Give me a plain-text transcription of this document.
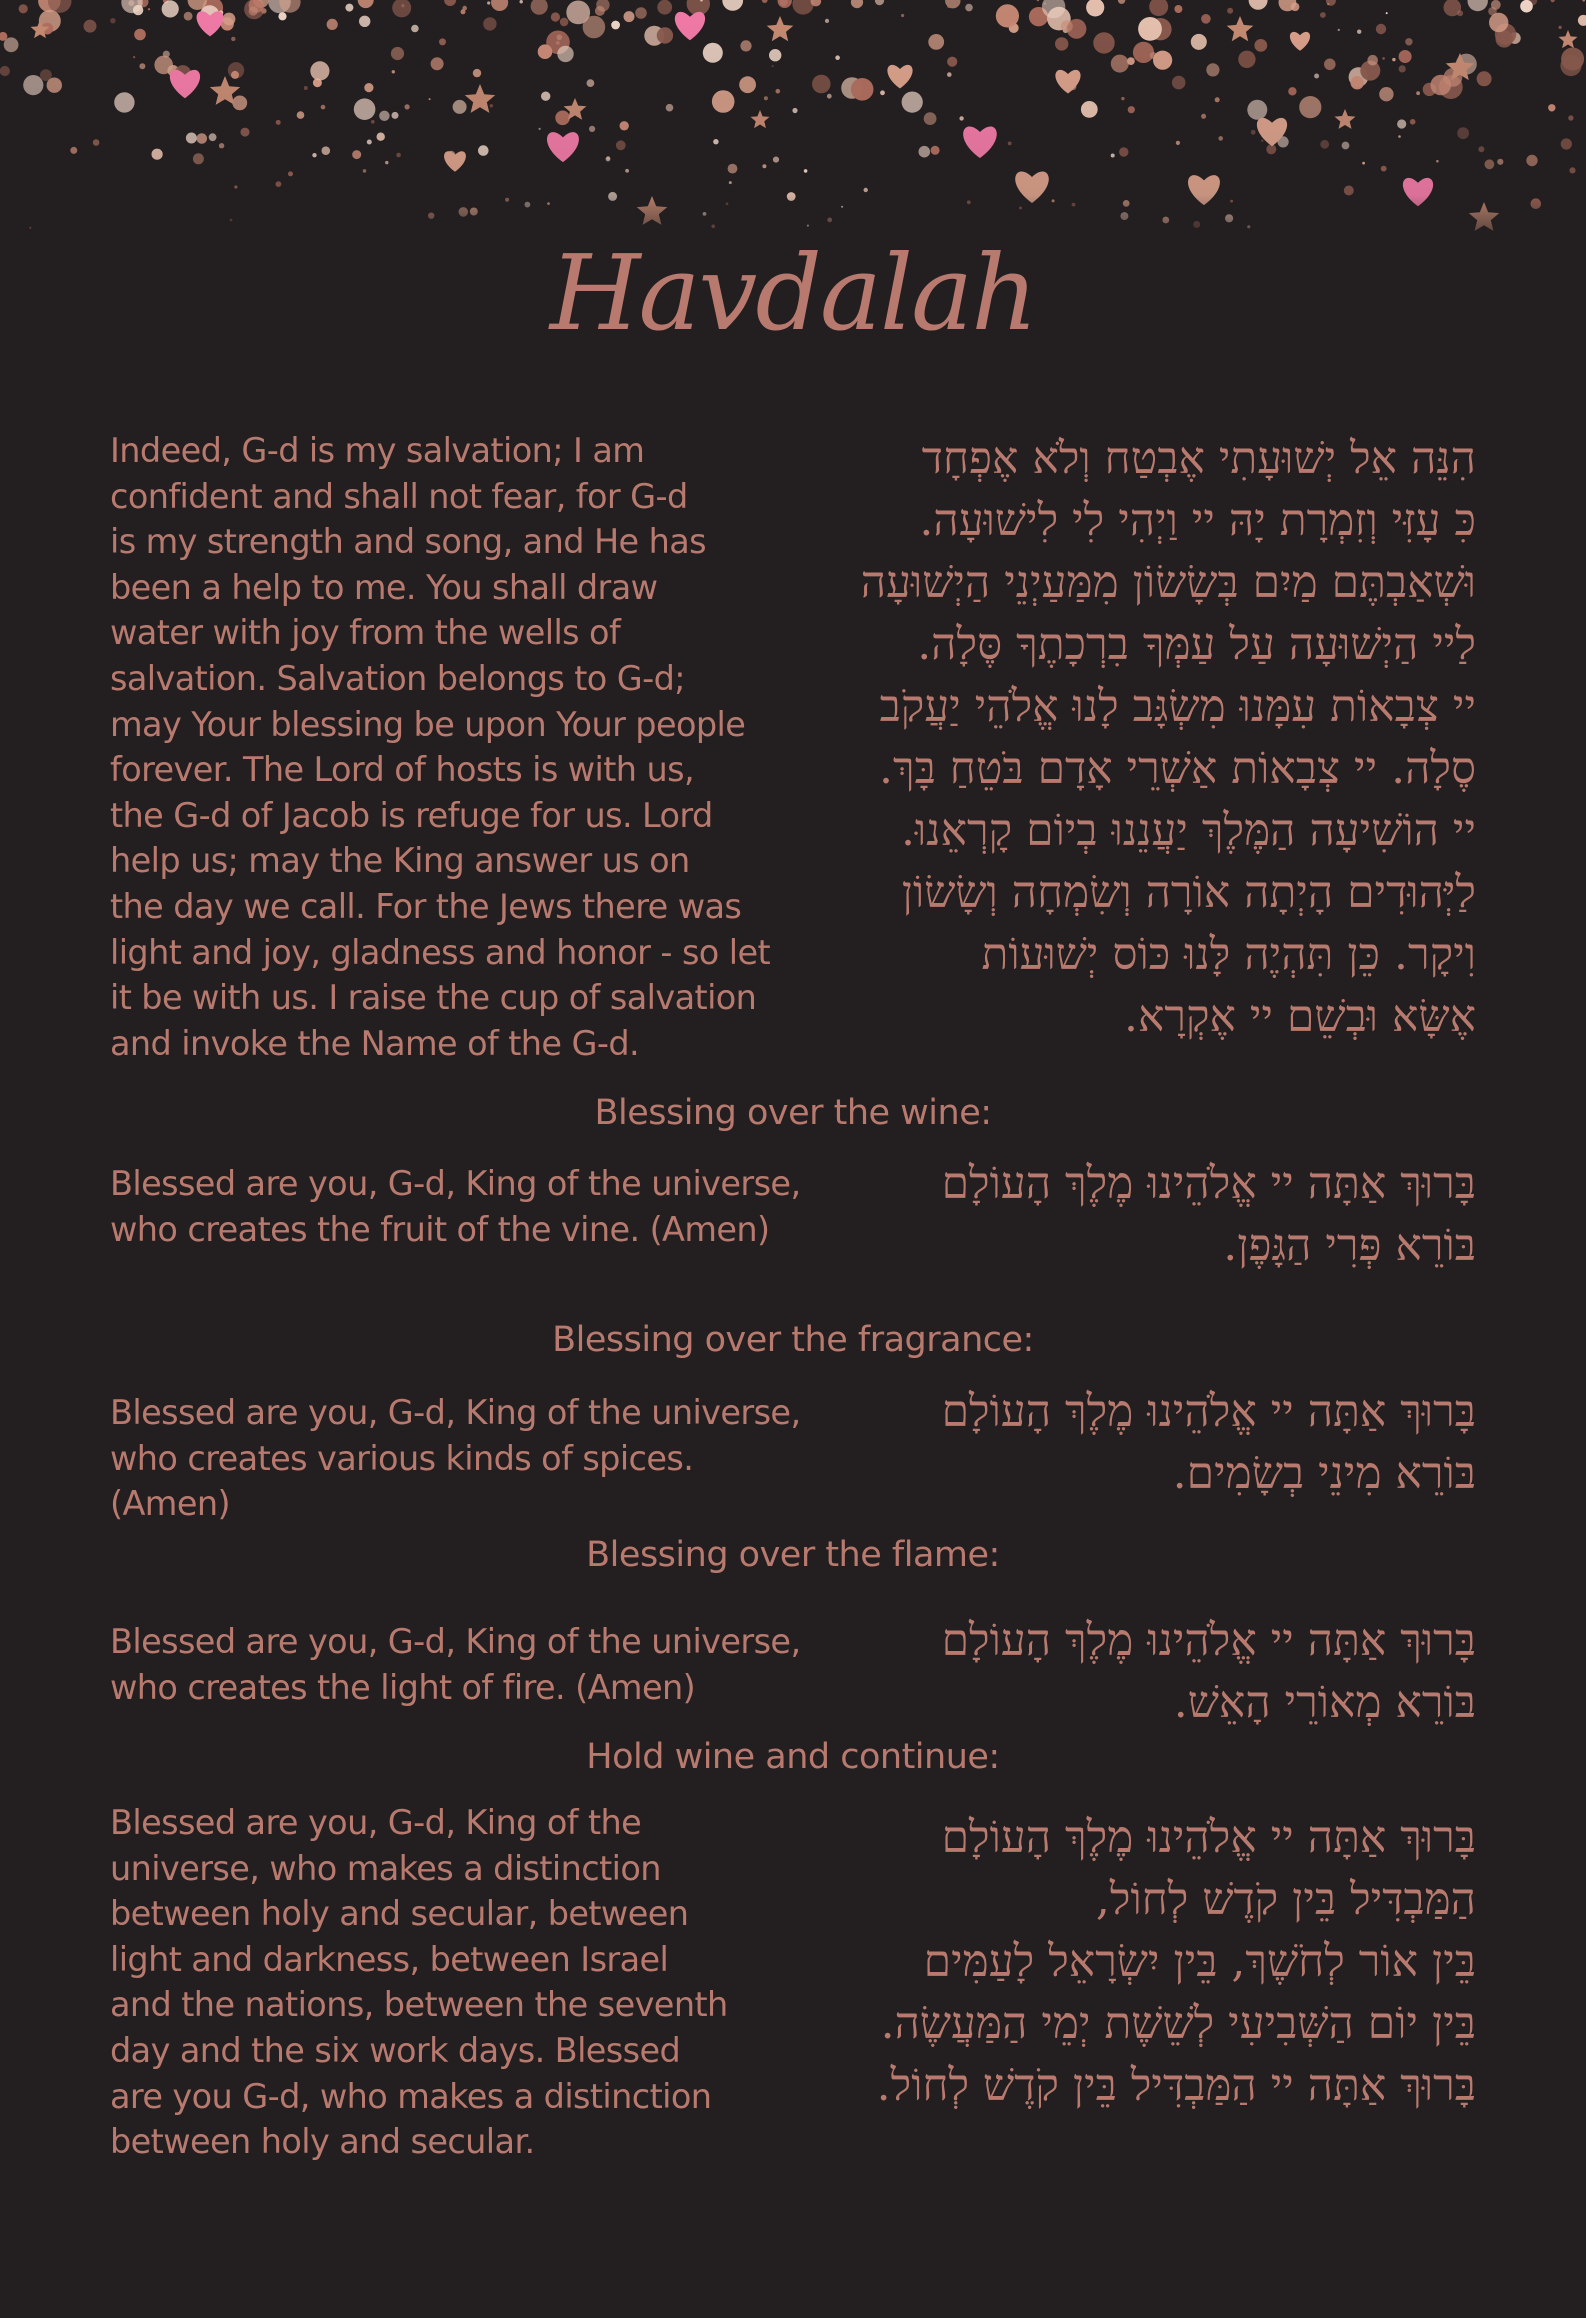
Havdalah
Indeed, G-d is my salvation; I am
confident and shall not fear, for G-d
is my strength and song, and He has
been a help to me. You shall draw
water with joy from the wells of
salvation. Salvation belongs to G-d;
may Your blessing be upon Your people
forever. The Lord of hosts is with us,
the G-d of Jacob is refuge for us. Lord
help us; may the King answer us on
the day we call. For the Jews there was
light and joy, gladness and honor - so let
it be with us. I raise the cup of salvation
and invoke the Name of the G-d.
הִנֵּה אֵל יְשׁוּעָתִי אֶבְטַח וְלֹא אֶפְחָד
כִּ עָזִּי וְזִמְרָת יָהּ יי וַיְהִי לִי לִישׁוּעָה.
וּשְׁאַבְתֶּם מַיִם בְּשָׂשׂוֹן מִמַּעַיְנֵי הַיְשׁוּעָה
לַיי הַיְשׁוּעָה עַל עַמְּךָ בִרְכָתֶךָ סֶּלָה.
יי צְבָאוֹת עִמָּנוּ מִשְׂגָּב לָנוּ אֱלֹהֵי יַעֲקֹב
סֶלָה. יי צְבָאוֹת אַשְׁרֵי אָדָם בֹּטֵחַ בָּךְ.
יי הוֹשִׁיעָה הַמֶּלֶךְ יַעֲנֵנוּ בְיוֹם קָרְאֵנוּ.
לַיְּהוּדִים הָיְתָה אוֹרָה וְשִׂמְחָה וְשָׂשׂוֹן
וִיקָר. כֵּן תִּהְיֶה לָּנוּ כּוֹס יְשׁוּעוֹת
אֶשָּׂא וּבְשֵׁם יי אֶקְרָא.
Blessing over the wine:
Blessed are you, G-d, King of the universe,
who creates the fruit of the vine. (Amen)
בָּרוּךְ אַתָּה יי אֱלֹהֵינוּ מֶלֶךְ הָעוֹלָם
בּוֹרֵא פְּרִי הַגָּפֶן.
Blessing over the fragrance:
Blessed are you, G-d, King of the universe,
who creates various kinds of spices.
(Amen)
בָּרוּךְ אַתָּה יי אֱלֹהֵינוּ מֶלֶךְ הָעוֹלָם
בּוֹרֵא מִינֵי בְשָׂמִים.
Blessing over the flame:
Blessed are you, G-d, King of the universe,
who creates the light of fire. (Amen)
בָּרוּךְ אַתָּה יי אֱלֹהֵינוּ מֶלֶךְ הָעוֹלָם
בּוֹרֵא מְאוֹרֵי הָאֵשׁ.
Hold wine and continue:
Blessed are you, G-d, King of the
universe, who makes a distinction
between holy and secular, between
light and darkness, between Israel
and the nations, between the seventh
day and the six work days. Blessed
are you G-d, who makes a distinction
between holy and secular.
בָּרוּךְ אַתָּה יי אֱלֹהֵינוּ מֶלֶךְ הָעוֹלָם
הַמַּבְדִּיל בֵּין קֹדֶשׁ לְחוֹל,
בֵּין אוֹר לְחֹשֶׁךְ, בֵּין יִשְׂרָאֵל לָעַמִּים
בֵּין יוֹם הַשְּׁבִיעִי לְשֵׁשֶׁת יְמֵי הַמַּעֲשֶׂה.
בָּרוּךְ אַתָּה יי הַמַּבְדִּיל בֵּין קֹדֶשׁ לְחוֹל.
